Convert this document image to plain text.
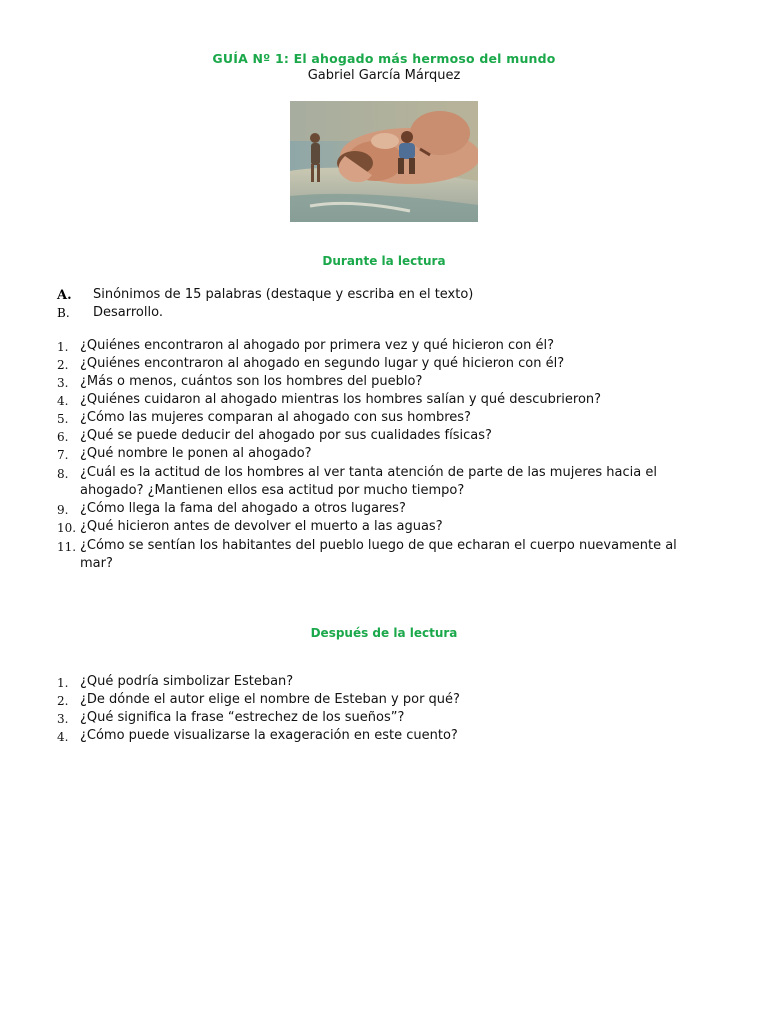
GUÍA Nº 1: El ahogado más hermoso del mundo
Gabriel García Márquez
Durante la lectura
A. Sinónimos de 15 palabras (destaque y escriba en el texto)
B. Desarrollo.
1. ¿Quiénes encontraron al ahogado por primera vez y qué hicieron con él?
2. ¿Quiénes encontraron al ahogado en segundo lugar y qué hicieron con él?
3. ¿Más o menos, cuántos son los hombres del pueblo?
4. ¿Quiénes cuidaron al ahogado mientras los hombres salían y qué descubrieron?
5. ¿Cómo las mujeres comparan al ahogado con sus hombres?
6. ¿Qué se puede deducir del ahogado por sus cualidades físicas?
7. ¿Qué nombre le ponen al ahogado?
8. ¿Cuál es la actitud de los hombres al ver tanta atención de parte de las mujeres hacia el
ahogado? ¿Mantienen ellos esa actitud por mucho tiempo?
9. ¿Cómo llega la fama del ahogado a otros lugares?
10. ¿Qué hicieron antes de devolver el muerto a las aguas?
11. ¿Cómo se sentían los habitantes del pueblo luego de que echaran el cuerpo nuevamente al
mar?
Después de la lectura
1. ¿Qué podría simbolizar Esteban?
2. ¿De dónde el autor elige el nombre de Esteban y por qué?
3. ¿Qué significa la frase “estrechez de los sueños”?
4. ¿Cómo puede visualizarse la exageración en este cuento?
